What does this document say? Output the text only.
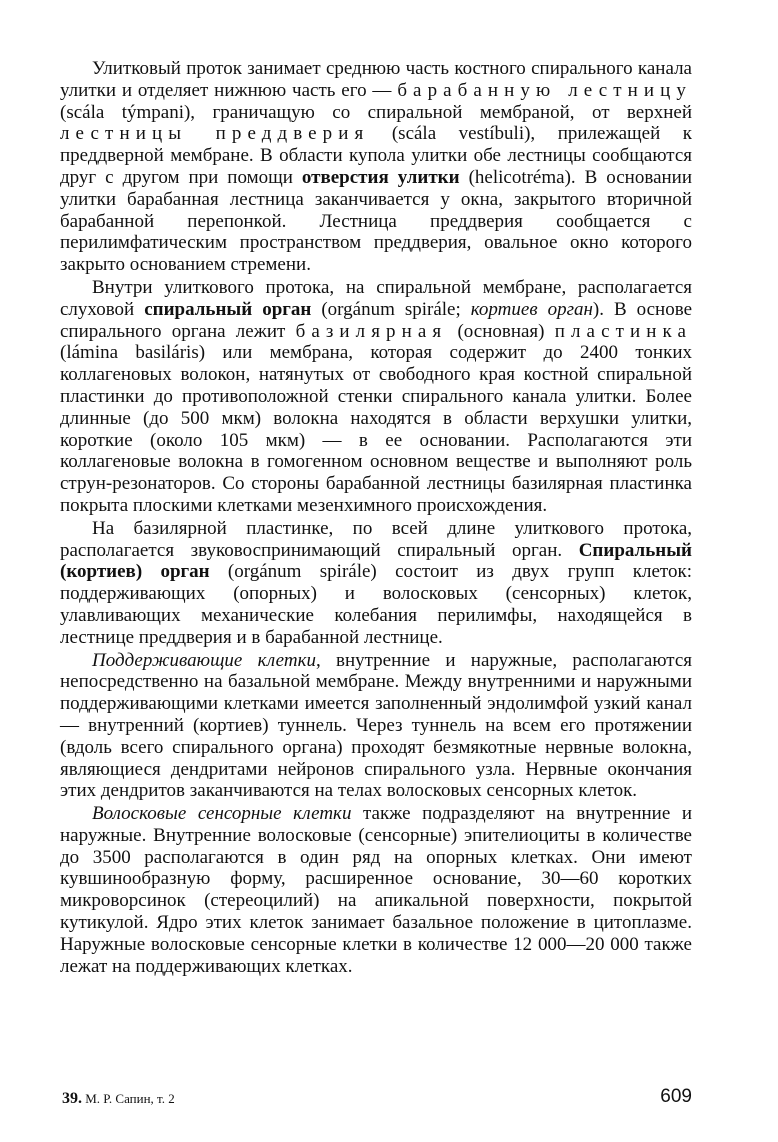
Улитковый проток занимает среднюю часть костного спирального канала улитки и отделяет нижнюю часть его — барабанную лестницу (scála týmpani), граничащую со спиральной мембраной, от верхней лестницы преддверия (scála vestíbuli), прилежащей к преддверной мембране. В области купола улитки обе лестницы сообщаются друг с другом при помощи отверстия улитки (helicotréma). В основании улитки барабанная лестница заканчивается у окна, закрытого вторичной барабанной перепонкой. Лестница преддверия сообщается с перилимфатическим пространством преддверия, овальное окно которого закрыто основанием стремени.

Внутри улиткового протока, на спиральной мембране, располагается слуховой спиральный орган (orgánum spirále; кортиев орган). В основе спирального органа лежит базилярная (основная) пластинка (lámina basiláris) или мембрана, которая содержит до 2400 тонких коллагеновых волокон, натянутых от свободного края костной спиральной пластинки до противоположной стенки спирального канала улитки. Более длинные (до 500 мкм) волокна находятся в области верхушки улитки, короткие (около 105 мкм) — в ее основании. Располагаются эти коллагеновые волокна в гомогенном основном веществе и выполняют роль струн-резонаторов. Со стороны барабанной лестницы базилярная пластинка покрыта плоскими клетками мезенхимного происхождения.

На базилярной пластинке, по всей длине улиткового протока, располагается звуковоспринимающий спиральный орган. Спиральный (кортиев) орган (orgánum spirále) состоит из двух групп клеток: поддерживающих (опорных) и волосковых (сенсорных) клеток, улавливающих механические колебания перилимфы, находящейся в лестнице преддверия и в барабанной лестнице.

Поддерживающие клетки, внутренние и наружные, располагаются непосредственно на базальной мембране. Между внутренними и наружными поддерживающими клетками имеется заполненный эндолимфой узкий канал — внутренний (кортиев) туннель. Через туннель на всем его протяжении (вдоль всего спирального органа) проходят безмякотные нервные волокна, являющиеся дендритами нейронов спирального узла. Нервные окончания этих дендритов заканчиваются на телах волосковых сенсорных клеток.

Волосковые сенсорные клетки также подразделяют на внутренние и наружные. Внутренние волосковые (сенсорные) эпителиоциты в количестве до 3500 располагаются в один ряд на опорных клетках. Они имеют кувшинообразную форму, расширенное основание, 30—60 коротких микроворсинок (стереоцилий) на апикальной поверхности, покрытой кутикулой. Ядро этих клеток занимает базальное положение в цитоплазме. Наружные волосковые сенсорные клетки в количестве 12 000—20 000 также лежат на поддерживающих клетках.

39. М. Р. Сапин, т. 2	609
